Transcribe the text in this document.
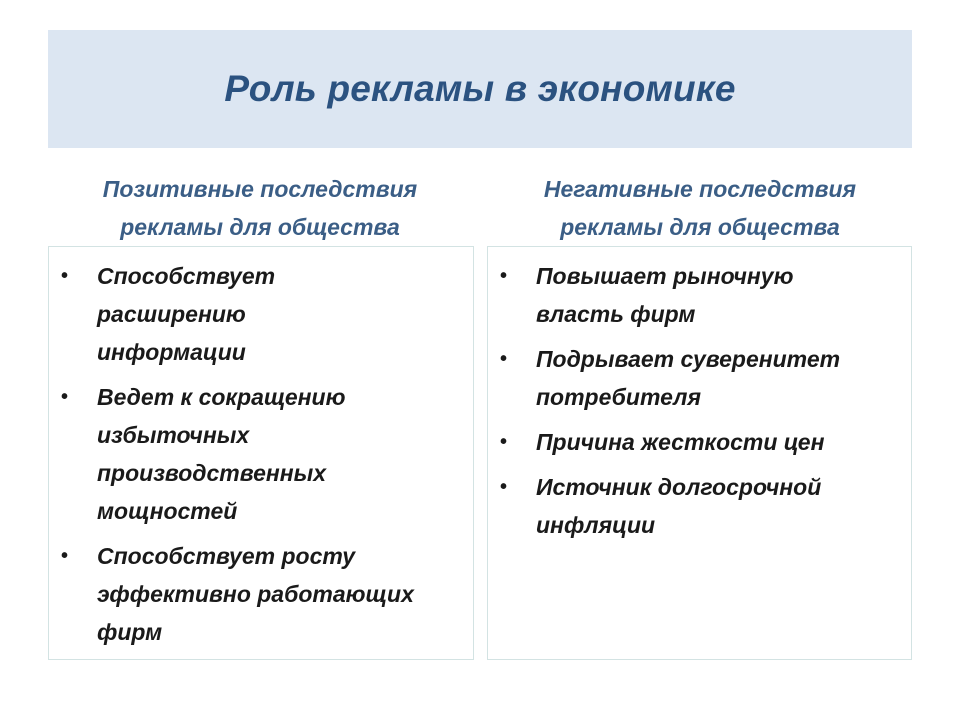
Роль рекламы в экономике
Позитивные последствия
рекламы для общества
Негативные последствия
рекламы для общества
• Способствует расширению информации
• Ведет к сокращению избыточных производственных мощностей
• Способствует росту эффективно работающих фирм
• Повышает рыночную власть фирм
• Подрывает суверенитет потребителя
• Причина жесткости цен
• Источник долгосрочной инфляции
